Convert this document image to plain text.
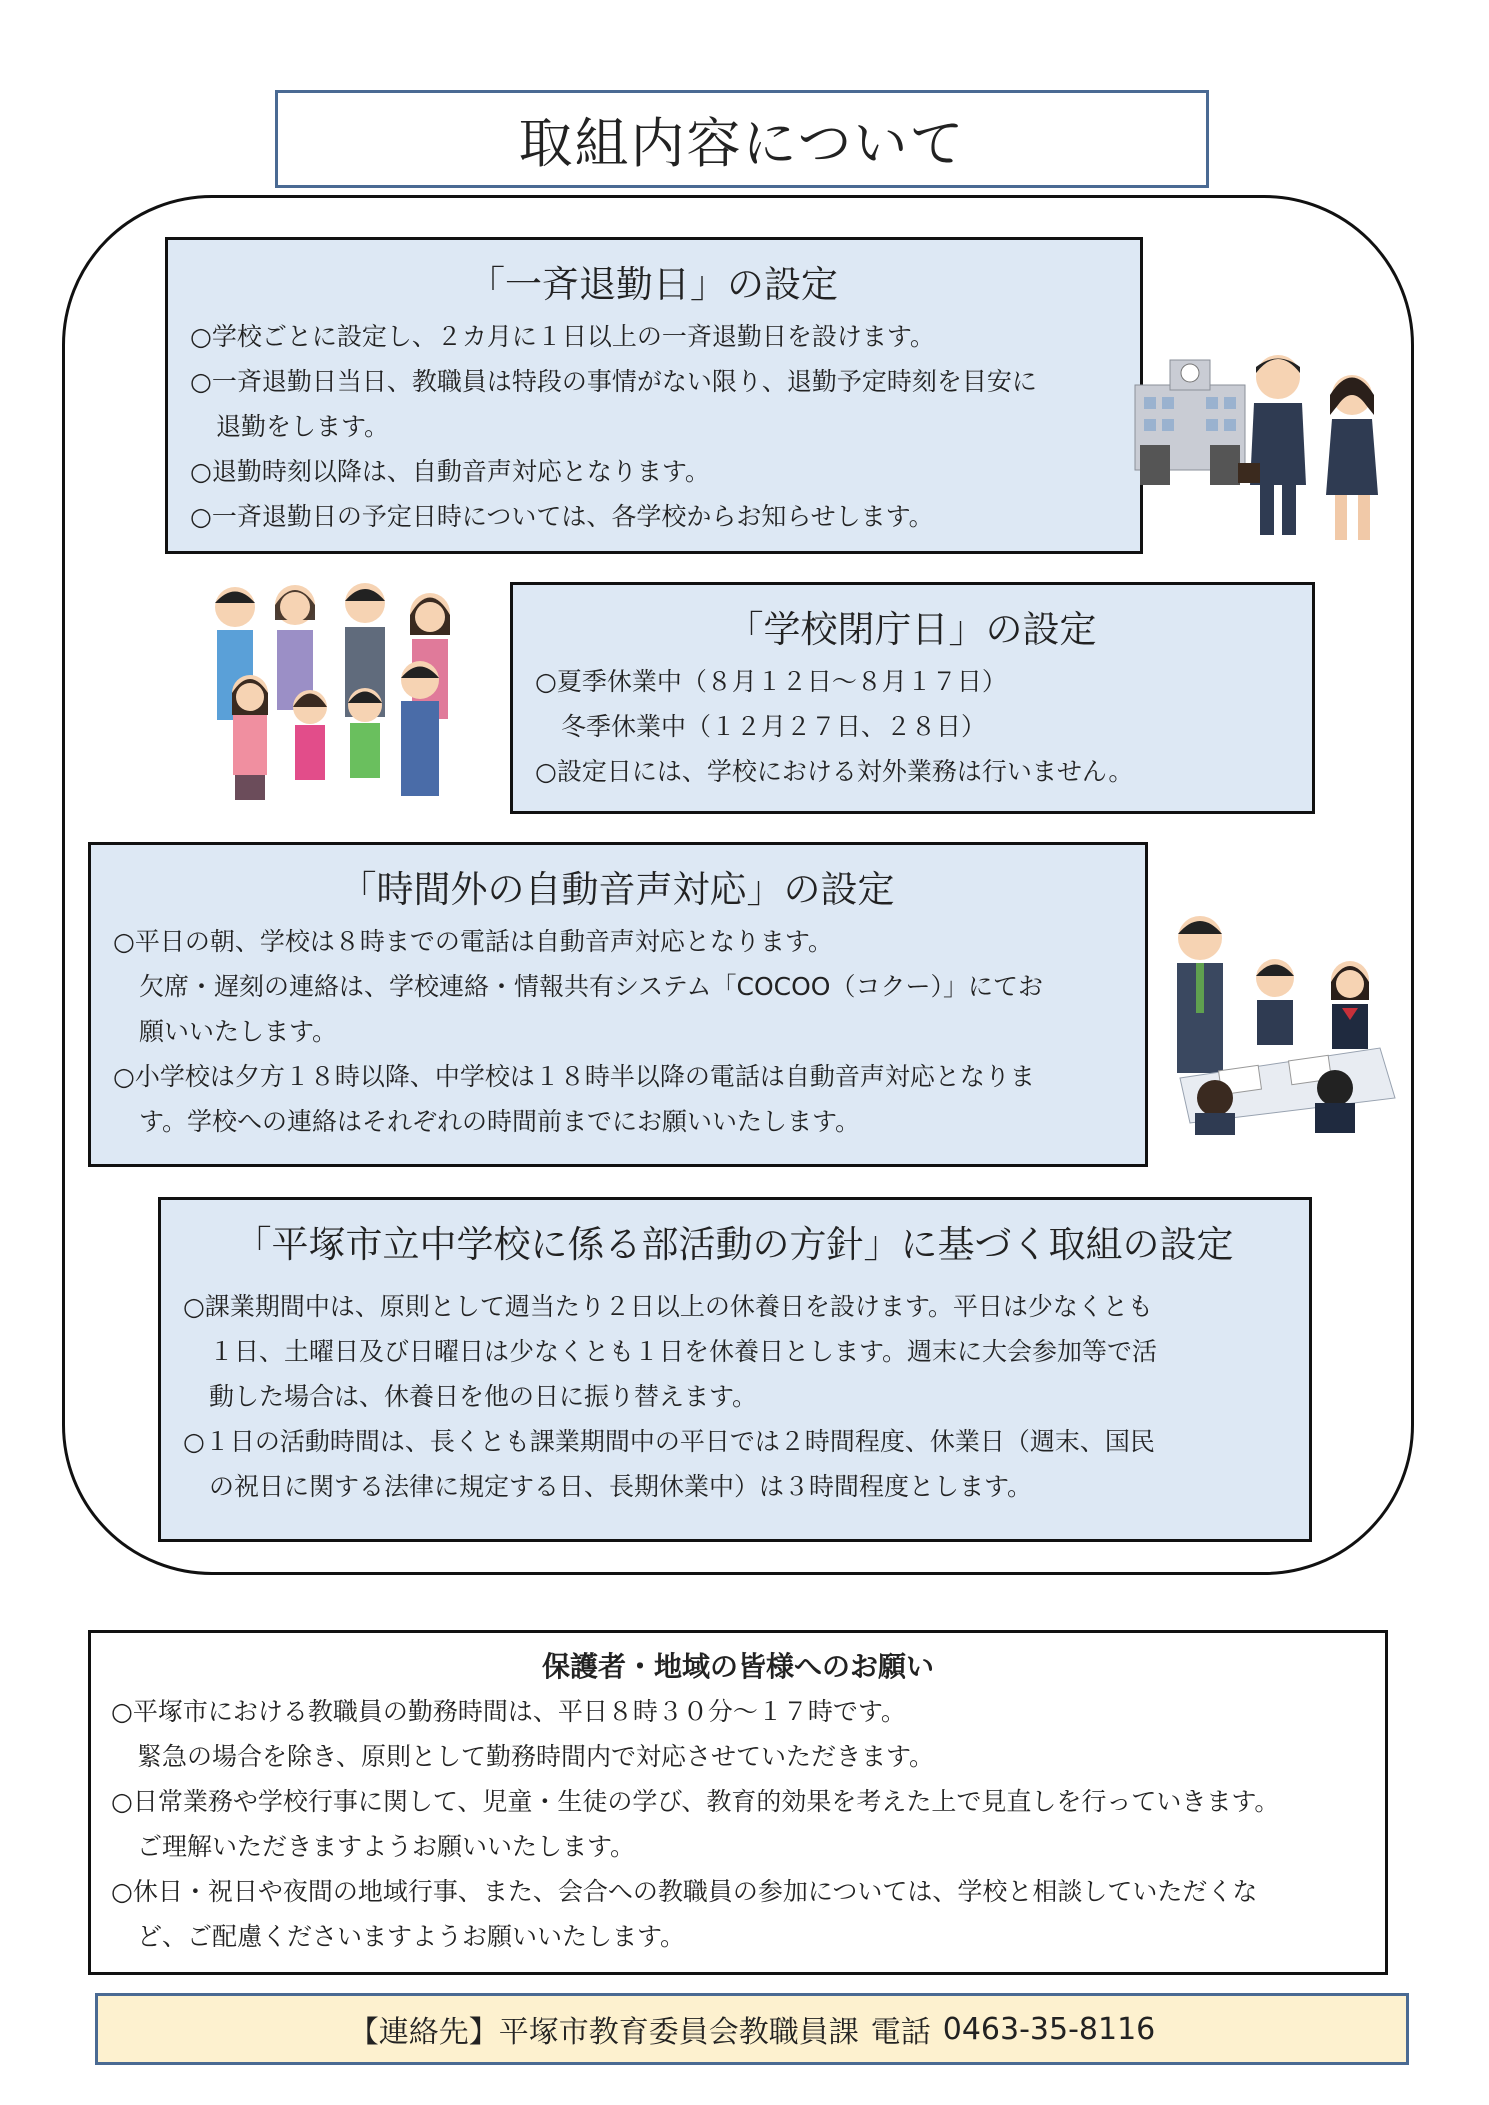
取組内容について
「一斉退勤日」の設定

○学校ごとに設定し、２カ月に１日以上の一斉退勤日を設けます。

○一斉退勤日当日、教職員は特段の事情がない限り、退勤予定時刻を目安に

退勤をします。

○退勤時刻以降は、自動音声対応となります。

○一斉退勤日の予定日時については、各学校からお知らせします。

「学校閉庁日」の設定

○夏季休業中（８月１２日～８月１７日）

冬季休業中（１２月２７日、２８日）

○設定日には、学校における対外業務は行いません。

「時間外の自動音声対応」の設定

○平日の朝、学校は８時までの電話は自動音声対応となります。

欠席・遅刻の連絡は、学校連絡・情報共有システム「COCOO（コクー）」にてお

願いいたします。

○小学校は夕方１８時以降、中学校は１８時半以降の電話は自動音声対応となりま

す。学校への連絡はそれぞれの時間前までにお願いいたします。

「平塚市立中学校に係る部活動の方針」に基づく取組の設定

○課業期間中は、原則として週当たり２日以上の休養日を設けます。平日は少なくとも

１日、土曜日及び日曜日は少なくとも１日を休養日とします。週末に大会参加等で活

動した場合は、休養日を他の日に振り替えます。

○１日の活動時間は、長くとも課業期間中の平日では２時間程度、休業日（週末、国民

の祝日に関する法律に規定する日、長期休業中）は３時間程度とします。

保護者・地域の皆様へのお願い

○平塚市における教職員の勤務時間は、平日８時３０分～１７時です。

緊急の場合を除き、原則として勤務時間内で対応させていただきます。

○日常業務や学校行事に関して、児童・生徒の学び、教育的効果を考えた上で見直しを行っていきます。

ご理解いただきますようお願いいたします。

○休日・祝日や夜間の地域行事、また、会合への教職員の参加については、学校と相談していただくな

ど、ご配慮くださいますようお願いいたします。

【連絡先】平塚市教育委員会教職員課 電話 0463-35-8116
